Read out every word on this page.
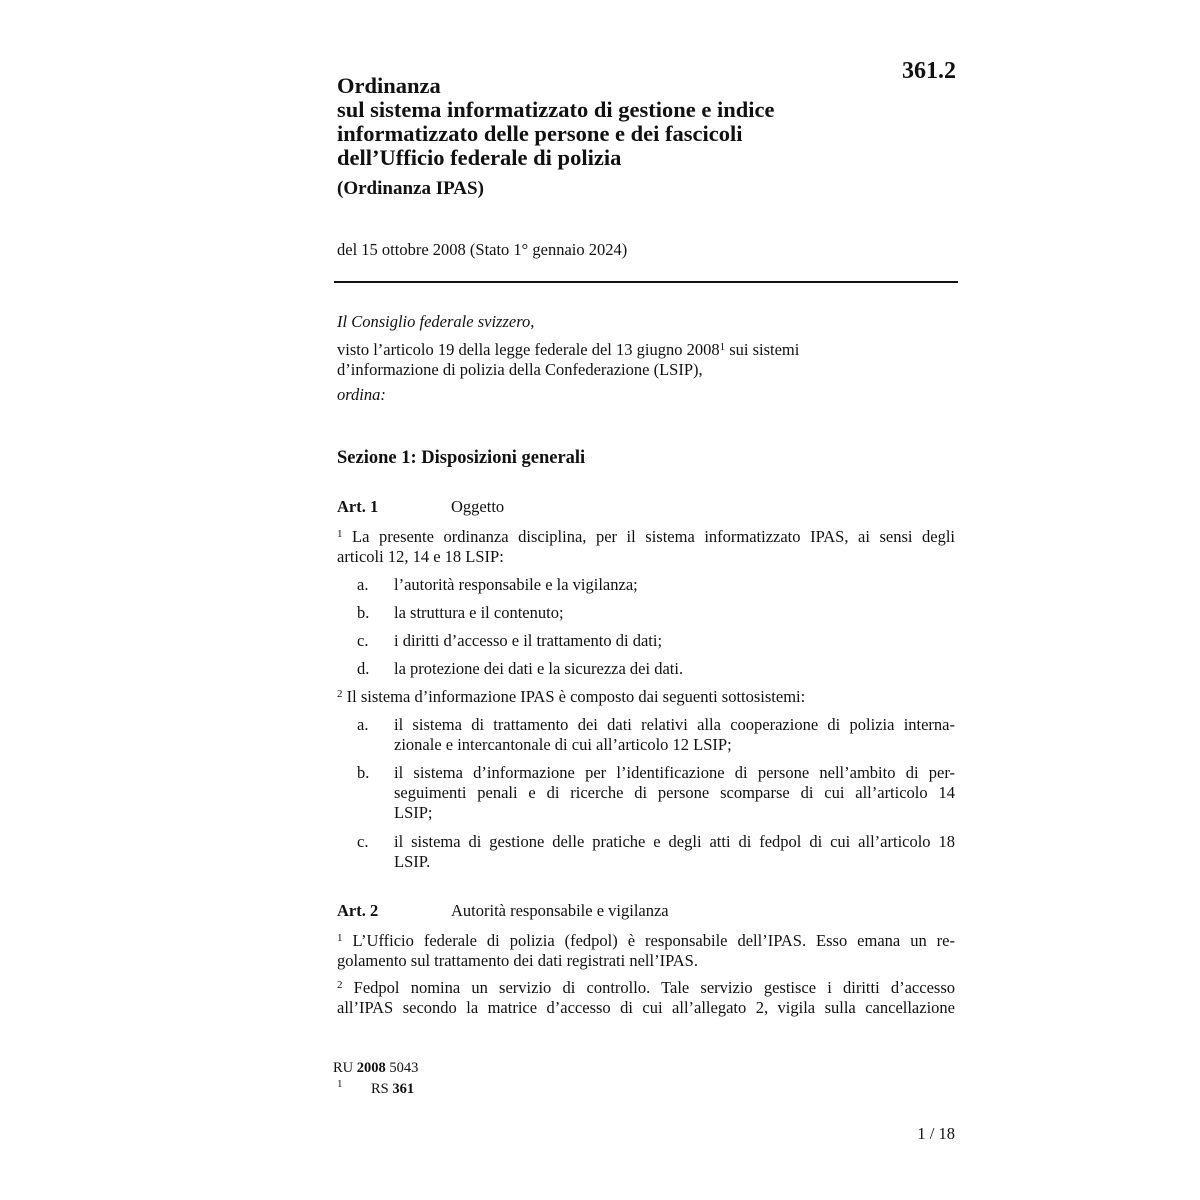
361.2
Ordinanza
sul sistema informatizzato di gestione e indice
informatizzato delle persone e dei fascicoli
dell’Ufficio federale di polizia
(Ordinanza IPAS)
del 15 ottobre 2008 (Stato 1° gennaio 2024)
Il Consiglio federale svizzero,
visto l’articolo 19 della legge federale del 13 giugno 2008$^1$ sui sistemi
d’informazione di polizia della Confederazione (LSIP),
ordina:
Sezione 1: Disposizioni generali
Art. 1	Oggetto
$^1$ La presente ordinanza disciplina, per il sistema informatizzato IPAS, ai sensi degli
articoli 12, 14 e 18 LSIP:
a. l’autorità responsabile e la vigilanza;
b. la struttura e il contenuto;
c. i diritti d’accesso e il trattamento di dati;
d. la protezione dei dati e la sicurezza dei dati.
$^2$ Il sistema d’informazione IPAS è composto dai seguenti sottosistemi:
a. il sistema di trattamento dei dati relativi alla cooperazione di polizia interna-
zionale e intercantonale di cui all’articolo 12 LSIP;
b. il sistema d’informazione per l’identificazione di persone nell’ambito di per-
seguimenti penali e di ricerche di persone scomparse di cui all’articolo 14
LSIP;
c. il sistema di gestione delle pratiche e degli atti di fedpol di cui all’articolo 18
LSIP.
Art. 2	Autorità responsabile e vigilanza
$^1$ L’Ufficio federale di polizia (fedpol) è responsabile dell’IPAS. Esso emana un re-
golamento sul trattamento dei dati registrati nell’IPAS.
$^2$ Fedpol nomina un servizio di controllo. Tale servizio gestisce i diritti d’accesso
all’IPAS secondo la matrice d’accesso di cui all’allegato 2, vigila sulla cancellazione
RU 2008 5043
1 RS 361
1 / 18
